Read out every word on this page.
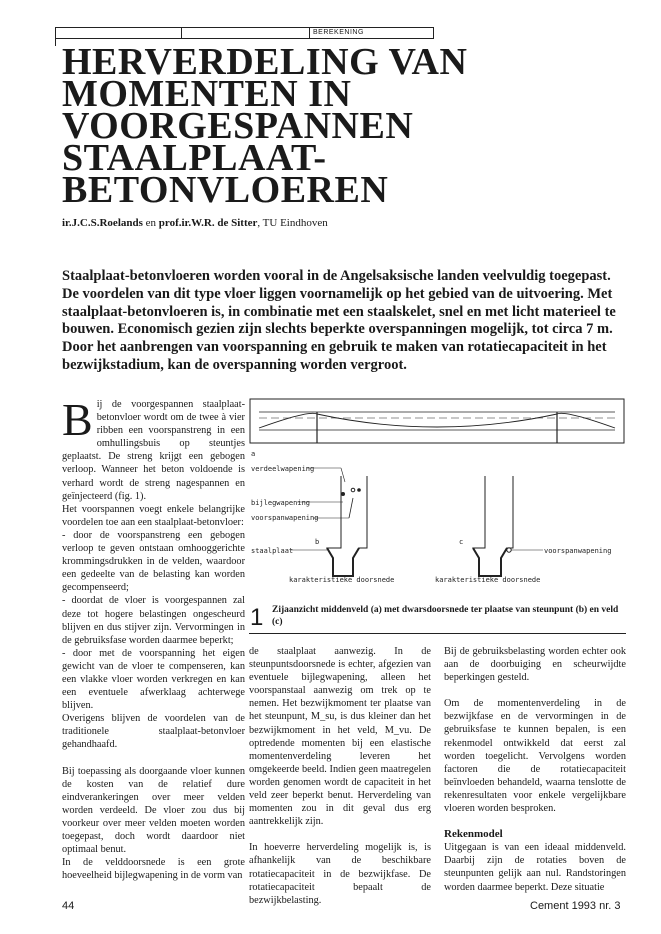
BEREKENING
HERVERDELING VAN
MOMENTEN IN
VOORGESPANNEN
STAALPLAAT-BETONVLOEREN
ir.J.C.S.Roelands en prof.ir.W.R. de Sitter, TU Eindhoven
Staalplaat-betonvloeren worden vooral in de Angelsaksische landen veelvuldig toegepast. De voordelen van dit type vloer liggen voornamelijk op het gebied van de uitvoering. Met staalplaat-betonvloeren is, in combinatie met een staalskelet, snel en met licht materieel te bouwen. Economisch gezien zijn slechts beperkte overspanningen mogelijk, tot circa 7 m. Door het aanbrengen van voorspanning en gebruik te maken van rotatiecapaciteit in het bezwijkstadium, kan de overspanning worden vergroot.
B ij de voorgespannen staalplaat-betonvloer wordt om de twee à vier ribben een voorspanstreng in een omhullingsbuis op steuntjes geplaatst. De streng krijgt een gebogen verloop. Wanneer het beton voldoende is verhard wordt de streng nagespannen en geïnjecteerd (fig. 1).

Het voorspannen voegt enkele belangrijke voordelen toe aan een staalplaat-betonvloer:

- door de voorspanstreng een gebogen verloop te geven ontstaan omhooggerichte krommingsdrukken in de velden, waardoor een gedeelte van de belasting kan worden gecompenseerd;

- doordat de vloer is voorgespannen zal deze tot hogere belastingen ongescheurd blijven en dus stijver zijn. Vervormingen in de gebruiksfase worden daarmee beperkt;

- door met de voorspanning het eigen gewicht van de vloer te compenseren, kan een vlakke vloer worden verkregen en kan een eventuele afwerklaag achterwege blijven.

Overigens blijven de voordelen van de traditionele staalplaat-betonvloer gehandhaafd.

Bij toepassing als doorgaande vloer kunnen de kosten van de relatief dure eindverankeringen over meer velden worden verdeeld. De vloer zou dus bij voorkeur over meer velden moeten worden toegepast, doch wordt daardoor niet optimaal benut.

In de velddoorsnede is een grote hoeveelheid bijlegwapening in de vorm van

a
verdeelwapening
bijlegwapening
voorspanwapening
staalplaat
b
karakteristieke doorsnede
voorspanwapening
c
karakteristieke doorsnede
1 Zijaanzicht middenveld (a) met dwarsdoorsnede ter plaatse van steunpunt (b) en veld (c)

de staalplaat aanwezig. In de steunpuntsdoorsnede is echter, afgezien van eventuele bijlegwapening, alleen het voorspanstaal aanwezig om trek op te nemen. Het bezwijkmoment ter plaatse van het steunpunt, M_su, is dus kleiner dan het bezwijkmoment in het veld, M_vu. De optredende momenten bij een elastische momentenverdeling leveren het omgekeerde beeld. Indien geen maatregelen worden genomen wordt de capaciteit in het veld zeer beperkt benut. Herverdeling van momenten zou in dit geval dus erg aantrekkelijk zijn.

In hoeverre herverdeling mogelijk is, is afhankelijk van de beschikbare rotatiecapaciteit in de bezwijkfase. De rotatiecapaciteit bepaalt de bezwijkbelasting.

Bij de gebruiksbelasting worden echter ook aan de doorbuiging en scheurwijdte beperkingen gesteld.

Om de momentenverdeling in de bezwijkfase en de vervormingen in de gebruiksfase te kunnen bepalen, is een rekenmodel ontwikkeld dat eerst zal worden toegelicht. Vervolgens worden factoren die de rotatiecapaciteit beïnvloeden behandeld, waarna tenslotte de rekenresultaten voor enkele vergelijkbare vloeren worden besproken.

Rekenmodel

Uitgegaan is van een ideaal middenveld. Daarbij zijn de rotaties boven de steunpunten gelijk aan nul. Randstoringen worden daarmee beperkt. Deze situatie

44	Cement 1993 nr. 3
